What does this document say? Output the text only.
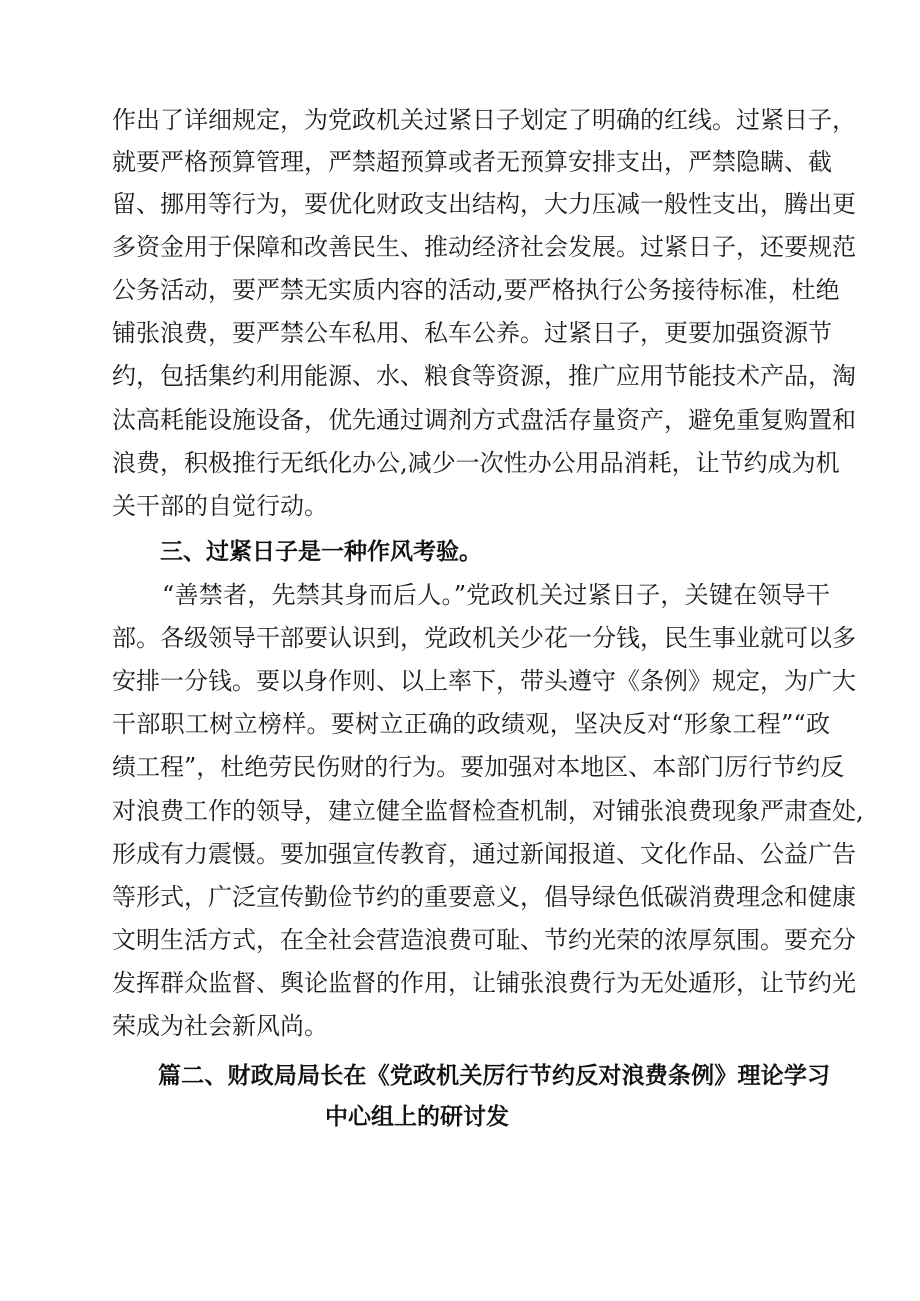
作出了详细规定，为党政机关过紧日子划定了明确的红线。过紧日子，
就要严格预算管理，严禁超预算或者无预算安排支出，严禁隐瞒、截
留、挪用等行为，要优化财政支出结构，大力压减一般性支出，腾出更
多资金用于保障和改善民生、推动经济社会发展。过紧日子，还要规范
公务活动，要严禁无实质内容的活动,要严格执行公务接待标准，杜绝
铺张浪费，要严禁公车私用、私车公养。过紧日子，更要加强资源节
约，包括集约利用能源、水、粮食等资源，推广应用节能技术产品，淘
汰高耗能设施设备，优先通过调剂方式盘活存量资产，避免重复购置和
浪费，积极推行无纸化办公,减少一次性办公用品消耗，让节约成为机
关干部的自觉行动。
三、过紧日子是一种作风考验。
“善禁者，先禁其身而后人。”党政机关过紧日子，关键在领导干
部。各级领导干部要认识到，党政机关少花一分钱，民生事业就可以多
安排一分钱。要以身作则、以上率下，带头遵守《条例》规定，为广大
干部职工树立榜样。要树立正确的政绩观，坚决反对“形象工程”“政
绩工程”，杜绝劳民伤财的行为。要加强对本地区、本部门厉行节约反
对浪费工作的领导，建立健全监督检查机制，对铺张浪费现象严肃查处,
形成有力震慑。要加强宣传教育，通过新闻报道、文化作品、公益广告
等形式，广泛宣传勤俭节约的重要意义，倡导绿色低碳消费理念和健康
文明生活方式，在全社会营造浪费可耻、节约光荣的浓厚氛围。要充分
发挥群众监督、舆论监督的作用，让铺张浪费行为无处遁形，让节约光
荣成为社会新风尚。
篇二、财政局局长在《党政机关厉行节约反对浪费条例》理论学习
中心组上的研讨发
